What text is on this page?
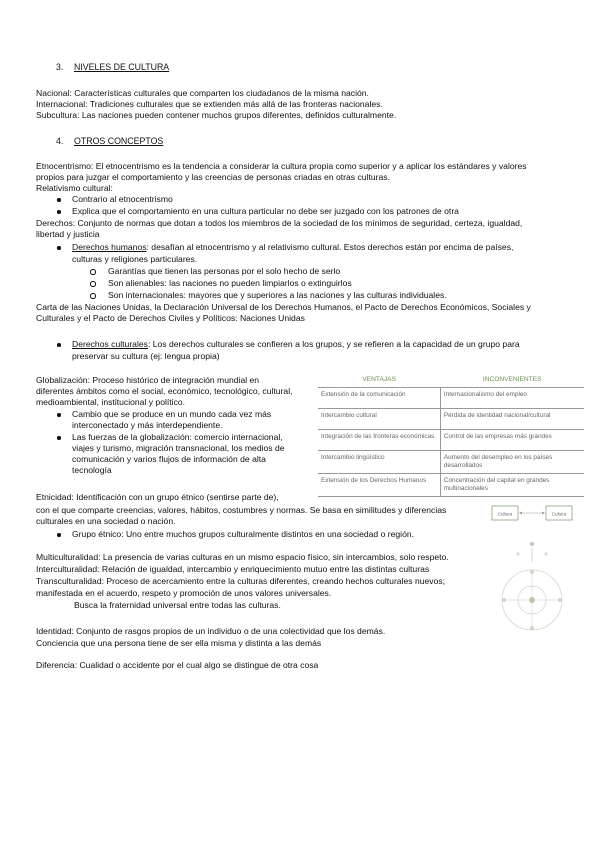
3. NIVELES DE CULTURA
Nacional: Características culturales que comparten los ciudadanos de la misma nación.
Internacional: Tradiciones culturales que se extienden más allá de las fronteras nacionales.
Subcultura: Las naciones pueden contener muchos grupos diferentes, definidos culturalmente.
4. OTROS CONCEPTOS
Etnocentrismo: El etnocentrismo es la tendencia a considerar la cultura propia como superior y a aplicar los estándares y valores
propios para juzgar el comportamiento y las creencias de personas criadas en otras culturas.
Relativismo cultural:
Contrario al etnocentrismo
Explica que el comportamiento en una cultura particular no debe ser juzgado con los patrones de otra
Derechos: Conjunto de normas que dotan a todos los miembros de la sociedad de los mínimos de seguridad, certeza, igualdad,
libertad y justicia
Derechos humanos: desafían al etnocentrismo y al relativismo cultural. Estos derechos están por encima de países,
culturas y religiones particulares.
Garantías que tienen las personas por el solo hecho de serlo
Son alienables: las naciones no pueden limpiarlos o extinguirlos
Son internacionales: mayores que y superiores a las naciones y las culturas individuales.
Carta de las Naciones Unidas, la Declaración Universal de los Derechos Humanos, el Pacto de Derechos Económicos, Sociales y
Culturales y el Pacto de Derechos Civiles y Políticos: Naciones Unidas
Derechos culturales: Los derechos culturales se confieren a los grupos, y se refieren a la capacidad de un grupo para
preservar su cultura (ej: lengua propia)
Globalización: Proceso histórico de integración mundial en
diferentes ámbitos como el social, económico, tecnológico, cultural,
medioambiental, institucional y político.
Cambio que se produce en un mundo cada vez más
interconectado y más interdependiente.
Las fuerzas de la globalización: comercio internacional,
viajes y turismo, migración transnacional, los medios de
comunicación y varios flujos de información de alta
tecnología
VENTAJAS	INCONVENIENTES
Extensión de la comunicación	Internacionalismo del empleo
Intercambio cultural	Pérdida de identidad nacional/cultural
Integración de las fronteras económicas	Control de las empresas más grandes
Intercambio lingüístico	Aumento del desempleo en los países desarrollados
Extensión de los Derechos Humanos	Concentración del capital en grandes multinacionales
Etnicidad: Identificación con un grupo étnico (sentirse parte de),
con el que comparte creencias, valores, hábitos, costumbres y normas. Se basa en similitudes y diferencias
culturales en una sociedad o nación.
Grupo étnico: Uno entre muchos grupos culturalmente distintos en una sociedad o región.
Multiculturalidad: La presencia de varias culturas en un mismo espacio físico, sin intercambios, solo respeto.
Interculturalidad: Relación de igualdad, intercambio y enriquecimiento mutuo entre las distintas culturas
Transculturalidad: Proceso de acercamiento entre la culturas diferentes, creando hechos culturales nuevos;
manifestada en el acuerdo, respeto y promoción de unos valores universales.
Busca la fraternidad universal entre todas las culturas.
Identidad: Conjunto de rasgos propios de un individuo o de una colectividad que los demás.
Conciencia que una persona tiene de ser ella misma y distinta a las demás
Diferencia: Cualidad o accidente por el cual algo se distingue de otra cosa
Cultura	Cultura
